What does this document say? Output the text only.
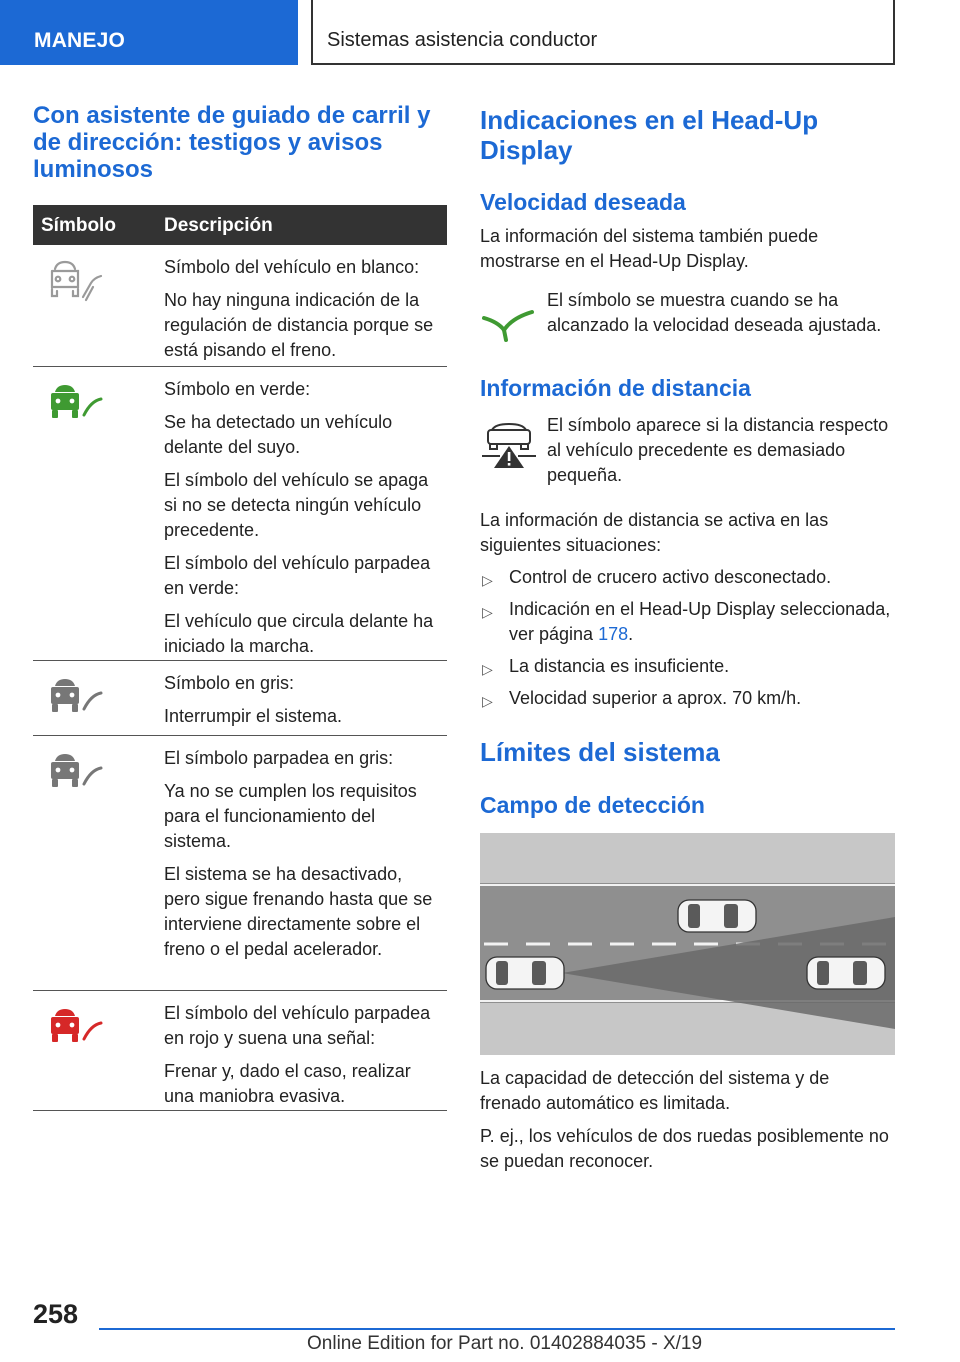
MANEJO	Sistemas asistencia conductor
Con asistente de guiado de carril y de dirección: testigos y avisos luminosos
Símbolo	Descripción

Símbolo del vehículo en blanco:

No hay ninguna indicación de la regulación de distancia porque se está pisando el freno.

Símbolo en verde:

Se ha detectado un vehículo delante del suyo.

El símbolo del vehículo se apaga si no se detecta ningún vehículo precedente.

El símbolo del vehículo parpadea en verde:

El vehículo que circula delante ha iniciado la marcha.

Símbolo en gris:

Interrumpir el sistema.

El símbolo parpadea en gris:

Ya no se cumplen los requisitos para el funcionamiento del sistema.

El sistema se ha desactivado, pero sigue frenando hasta que se interviene directamente sobre el freno o el pedal acelerador.

El símbolo del vehículo parpadea en rojo y suena una señal:

Frenar y, dado el caso, realizar una maniobra evasiva.

Indicaciones en el Head-Up Display
Velocidad deseada

La información del sistema también puede mostrarse en el Head-Up Display.

El símbolo se muestra cuando se ha alcanzado la velocidad deseada ajustada.

Información de distancia

El símbolo aparece si la distancia respecto al vehículo precedente es demasiado pequeña.

La información de distancia se activa en las siguientes situaciones:

▷ Control de crucero activo desconectado.
▷ Indicación en el Head-Up Display seleccionada, ver página 178.
▷ La distancia es insuficiente.
▷ Velocidad superior a aprox. 70 km/h.
Límites del sistema
Campo de detección

La capacidad de detección del sistema y de frenado automático es limitada.

P. ej., los vehículos de dos ruedas posiblemente no se puedan reconocer.

258
Online Edition for Part no. 01402884035 - X/19
